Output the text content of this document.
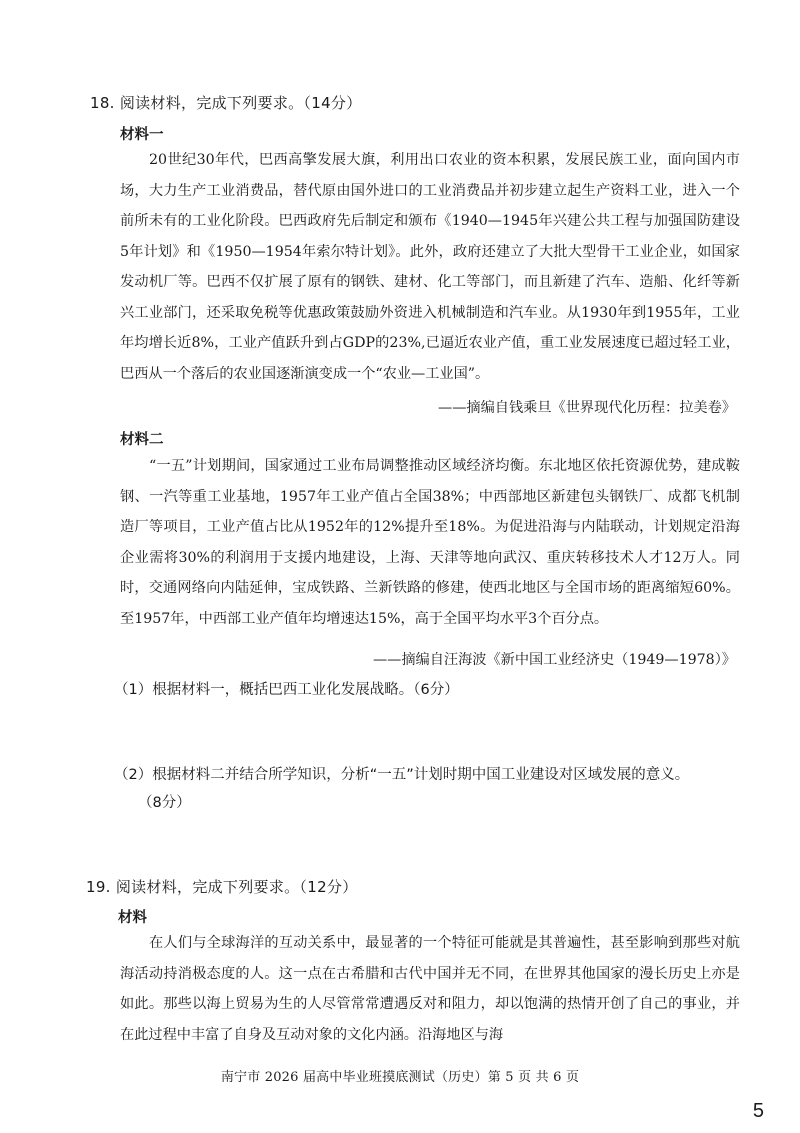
18. 阅读材料，完成下列要求。（14分）
材料一

20世纪30年代，巴西高擎发展大旗，利用出口农业的资本积累，发展民族工业，面向国内市场，大力生产工业消费品，替代原由国外进口的工业消费品并初步建立起生产资料工业，进入一个前所未有的工业化阶段。巴西政府先后制定和颁布《1940—1945年兴建公共工程与加强国防建设5年计划》和《1950—1954年索尔特计划》。此外，政府还建立了大批大型骨干工业企业，如国家发动机厂等。巴西不仅扩展了原有的钢铁、建材、化工等部门，而且新建了汽车、造船、化纤等新兴工业部门，还采取免税等优惠政策鼓励外资进入机械制造和汽车业。从1930年到1955年，工业年均增长近8%，工业产值跃升到占GDP的23%,已逼近农业产值，重工业发展速度已超过轻工业，巴西从一个落后的农业国逐渐演变成一个“农业—工业国”。

——摘编自钱乘旦《世界现代化历程：拉美卷》
材料二

“一五”计划期间，国家通过工业布局调整推动区域经济均衡。东北地区依托资源优势，建成鞍钢、一汽等重工业基地，1957年工业产值占全国38%；中西部地区新建包头钢铁厂、成都飞机制造厂等项目，工业产值占比从1952年的12%提升至18%。为促进沿海与内陆联动，计划规定沿海企业需将30%的利润用于支援内地建设，上海、天津等地向武汉、重庆转移技术人才12万人。同时，交通网络向内陆延伸，宝成铁路、兰新铁路的修建，使西北地区与全国市场的距离缩短60%。至1957年，中西部工业产值年均增速达15%，高于全国平均水平3个百分点。

——摘编自汪海波《新中国工业经济史（1949—1978）》
（1）根据材料一，概括巴西工业化发展战略。（6分）
（2）根据材料二并结合所学知识，分析“一五”计划时期中国工业建设对区域发展的意义。
（8分）
19. 阅读材料，完成下列要求。（12分）
材料

在人们与全球海洋的互动关系中，最显著的一个特征可能就是其普遍性，甚至影响到那些对航海活动持消极态度的人。这一点在古希腊和古代中国并无不同，在世界其他国家的漫长历史上亦是如此。那些以海上贸易为生的人尽管常常遭遇反对和阻力，却以饱满的热情开创了自己的事业，并在此过程中丰富了自身及互动对象的文化内涵。沿海地区与海

南宁市 2026 届高中毕业班摸底测试（历史）第 5 页 共 6 页
5
